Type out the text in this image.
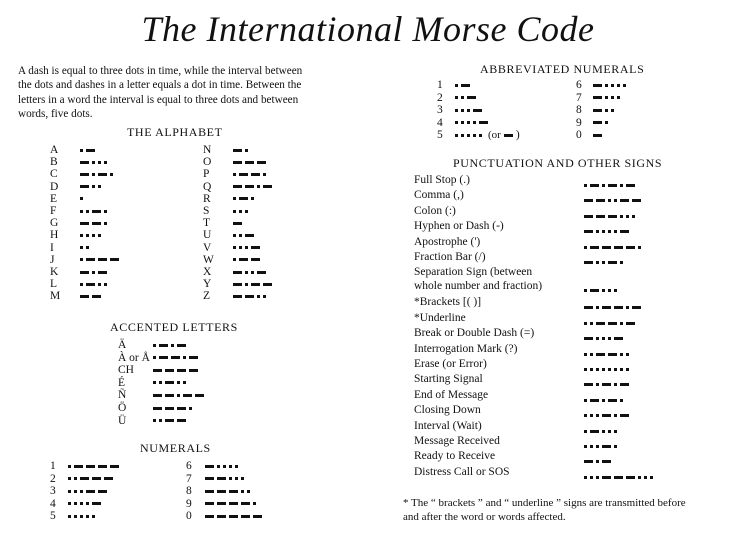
The International Morse Code
A dash is equal to three dots in time, while the interval between
the dots and dashes in a letter equals a dot in time. Between the
letters in a word the interval is equal to three dots and between
words, five dots.
THE ALPHABET
A
B
C
D
E
F
G
H
I
J
K
L
M
N
O
P
Q
R
S
T
U
V
W
X
Y
Z
ACCENTED LETTERS
Ä
À or Å
CH
É
Ñ
Ö
Ü
NUMERALS
1
2
3
4
5
6
7
8
9
0
ABBREVIATED NUMERALS
1
2
3
4
5	(or )
6
7
8
9
0
PUNCTUATION AND OTHER SIGNS
Full Stop (.)
Comma (,)
Colon (:)
Hyphen or Dash (-)
Apostrophe (')
Fraction Bar (/)
Separation Sign (between
whole number and fraction)
*Brackets [( )]
*Underline
Break or Double Dash (=)
Interrogation Mark (?)
Erase (or Error)
Starting Signal
End of Message
Closing Down
Interval (Wait)
Message Received
Ready to Receive
Distress Call or SOS
* The “ brackets ” and “ underline ” signs are transmitted before
and after the word or words affected.
